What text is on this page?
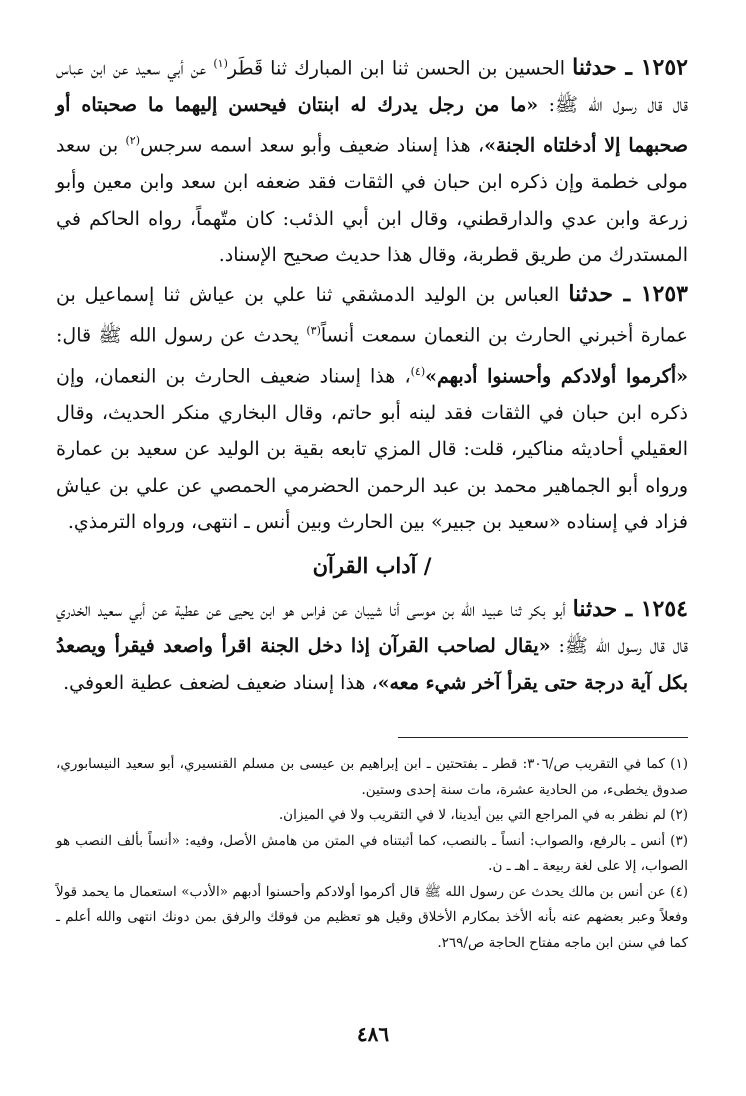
١٢٥٢ ـ حدثنا الحسين بن الحسن ثنا ابن المبارك ثنا قَطَر$^{(١)}$ عن أبي سعيد عن ابن عباس قال قال رسول الله ﷺ: «ما من رجل يدرك له ابنتان فيحسن إليهما ما صحبتاه أو صحبهما إلا أدخلتاه الجنة»، هذا إسناد ضعيف وأبو سعد اسمه سرجس$^{(٢)}$ بن سعد مولى خطمة وإن ذكره ابن حبان في الثقات فقد ضعفه ابن سعد وابن معين وأبو زرعة وابن عدي والدارقطني، وقال ابن أبي الذئب: كان متّهماً، رواه الحاكم في المستدرك من طريق قطربة، وقال هذا حديث صحيح الإسناد.

١٢٥٣ ـ حدثنا العباس بن الوليد الدمشقي ثنا علي بن عياش ثنا إسماعيل بن عمارة أخبرني الحارث بن النعمان سمعت أنساً$^{(٣)}$ يحدث عن رسول الله ﷺ قال: «أكرموا أولادكم وأحسنوا أدبهم»$^{(٤)}$، هذا إسناد ضعيف الحارث بن النعمان، وإن ذكره ابن حبان في الثقات فقد لينه أبو حاتم، وقال البخاري منكر الحديث، وقال العقيلي أحاديثه مناكير، قلت: قال المزي تابعه بقية بن الوليد عن سعيد بن عمارة ورواه أبو الجماهير محمد بن عبد الرحمن الحضرمي الحمصي عن علي بن عياش فزاد في إسناده «سعيد بن جبير» بين الحارث وبين أنس ـ انتهى، ورواه الترمذي.

/ آداب القرآن

١٢٥٤ ـ حدثنا أبو بكر ثنا عبيد الله بن موسى أنا شيبان عن فراس هو ابن يحيى عن عطية عن أبي سعيد الخدري قال قال رسول الله ﷺ: «يقال لصاحب القرآن إذا دخل الجنة اقرأ واصعد فيقرأ ويصعدُ بكل آية درجة حتى يقرأ آخر شيء معه»، هذا إسناد ضعيف لضعف عطية العوفي.

(١) كما في التقريب ص/٣٠٦: قطر ـ بفتحتين ـ ابن إبراهيم بن عيسى بن مسلم القنسيري، أبو سعيد النيسابوري، صدوق يخطىء، من الحادية عشرة، مات سنة إحدى وستين.

(٢) لم نظفر به في المراجع التي بين أيدينا، لا في التقريب ولا في الميزان.

(٣) أنس ـ بالرفع، والصواب: أنساً ـ بالنصب، كما أثبتناه في المتن من هامش الأصل، وفيه: «أنساً بألف النصب هو الصواب، إلا على لغة ربيعة ـ اهـ ـ ن.

(٤) عن أنس بن مالك يحدث عن رسول الله ﷺ قال أكرموا أولادكم وأحسنوا أدبهم «الأدب» استعمال ما يحمد قولاً وفعلاً وعبر بعضهم عنه بأنه الأخذ بمكارم الأخلاق وقيل هو تعظيم من فوقك والرفق بمن دونك انتهى والله أعلم ـ كما في سنن ابن ماجه مفتاح الحاجة ص/٢٦٩.

٤٨٦
